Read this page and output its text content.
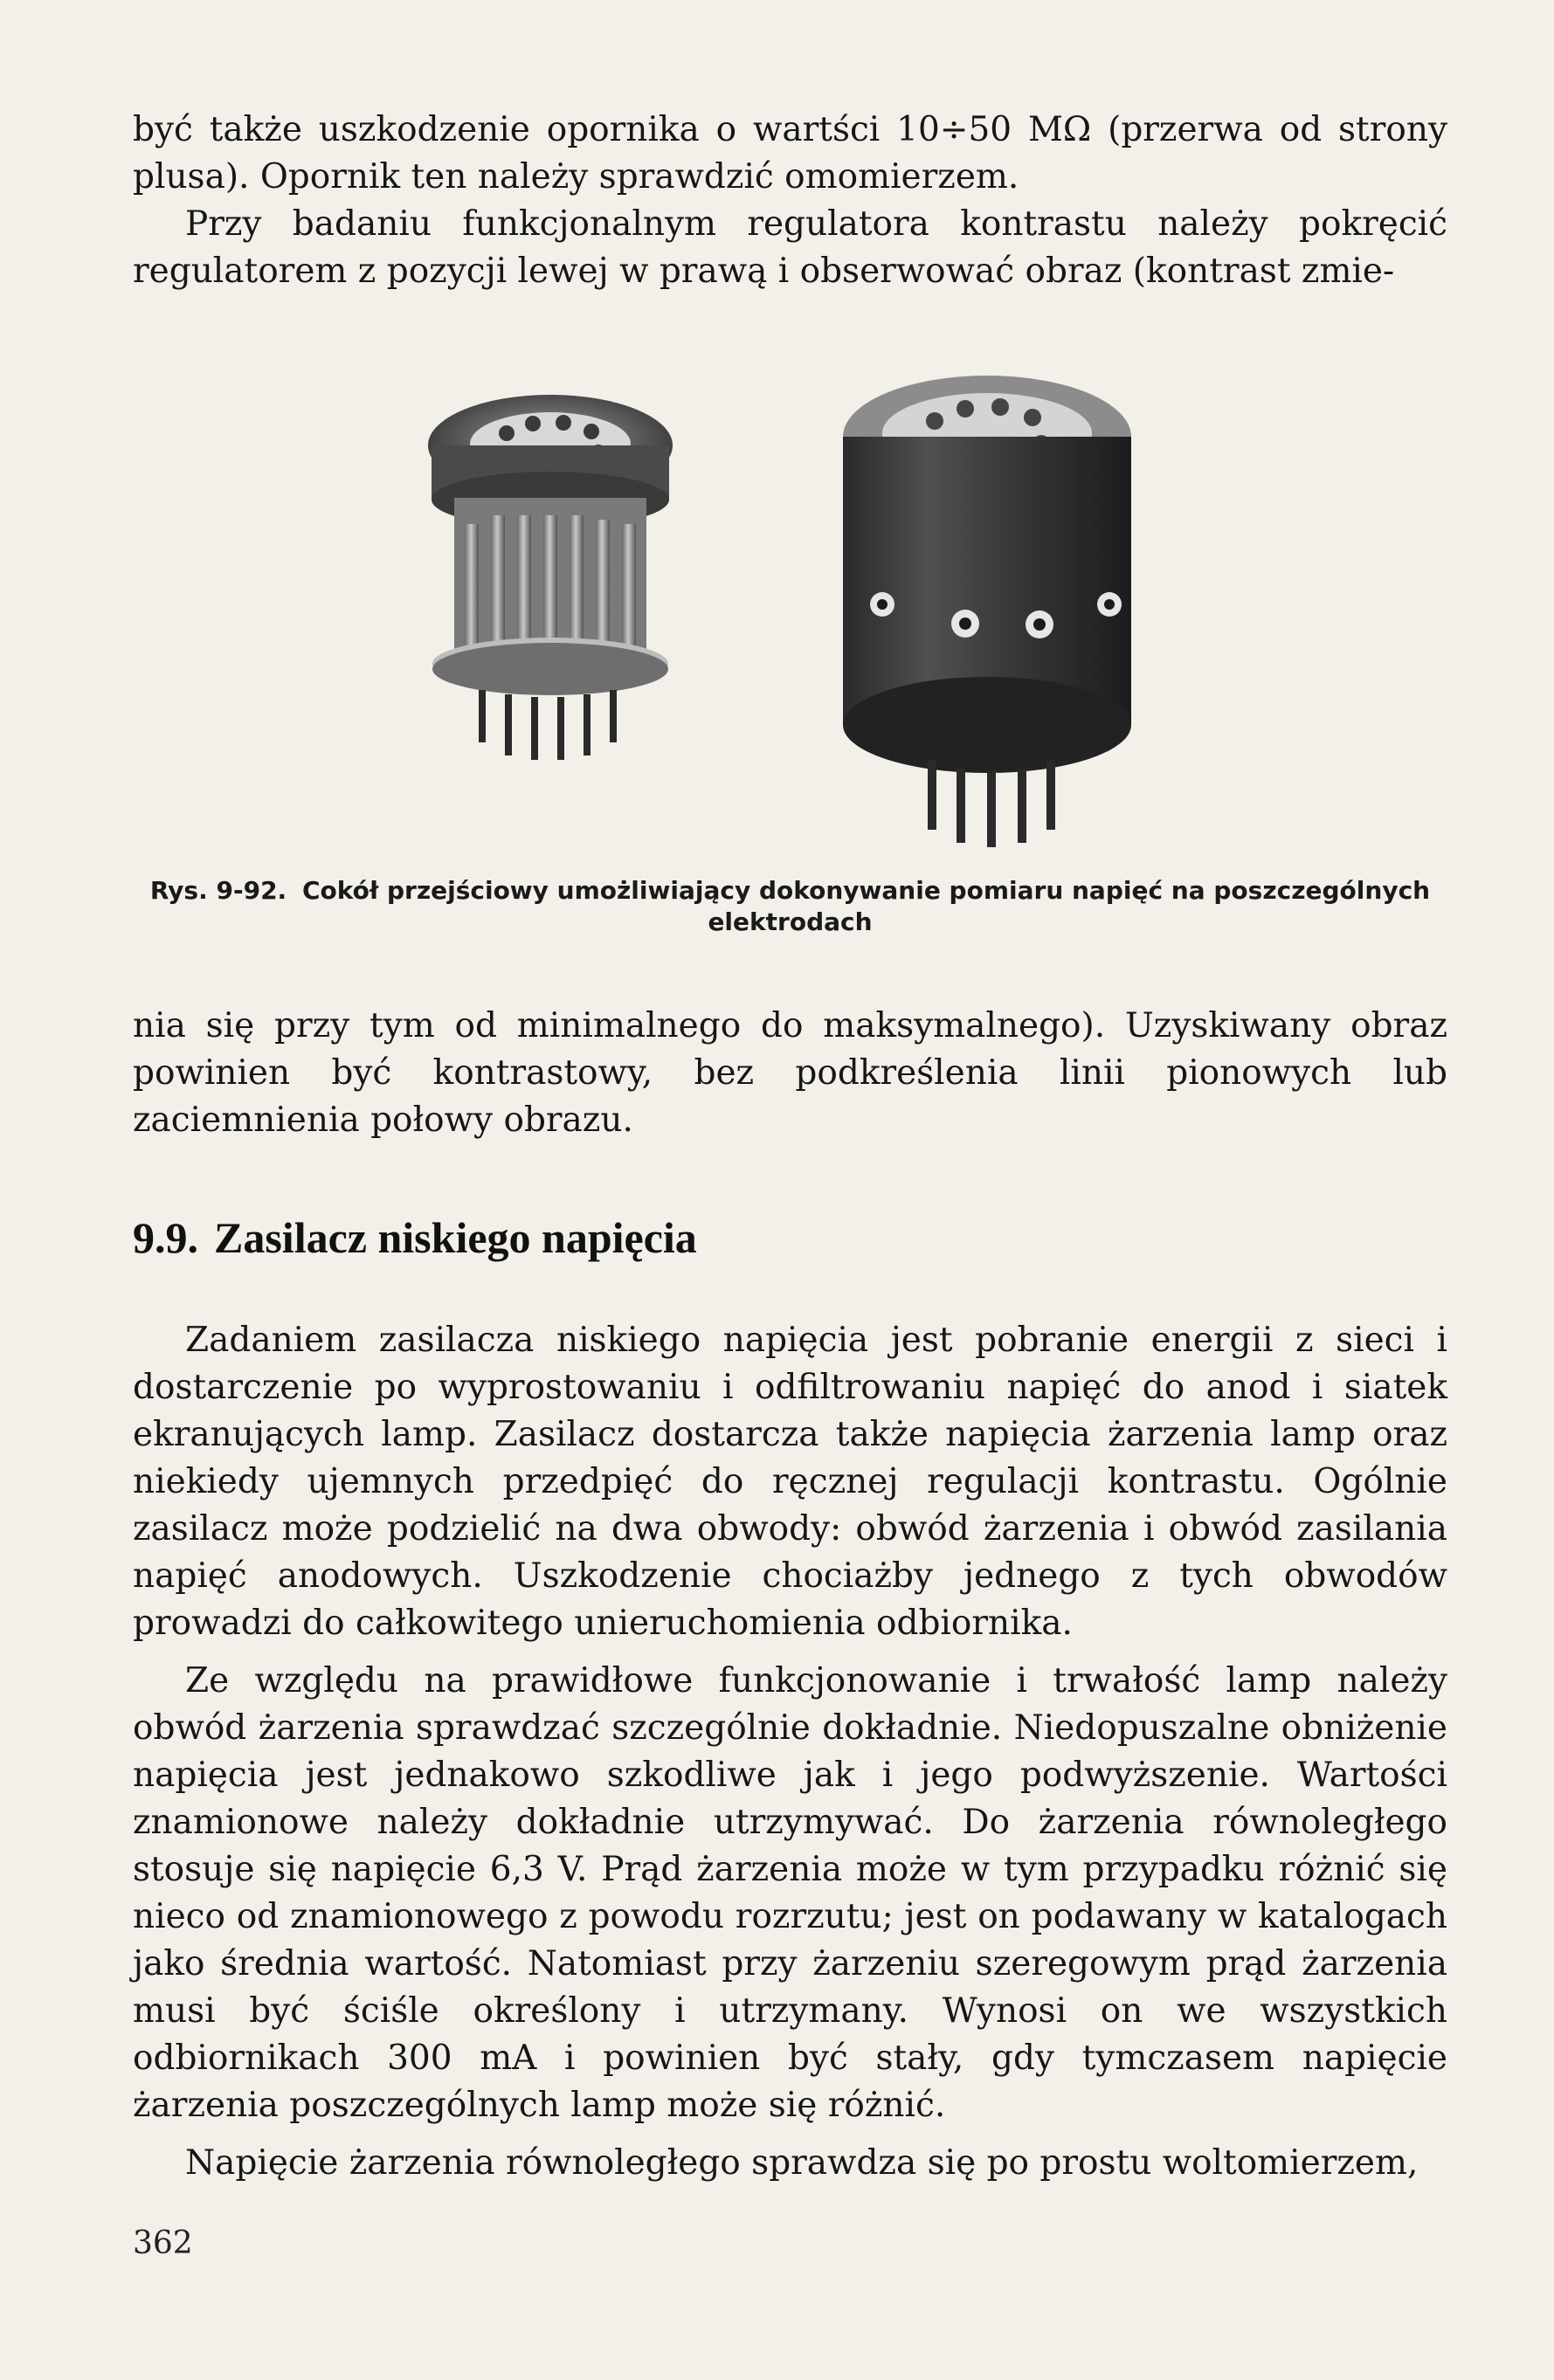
być także uszkodzenie opornika o wartści 10÷50 MΩ (przerwa od strony plusa). Opornik ten należy sprawdzić omomierzem.

Przy badaniu funkcjonalnym regulatora kontrastu należy pokręcić regulatorem z pozycji lewej w prawą i obserwować obraz (kontrast zmie-

Rys. 9-92. Cokół przejściowy umożliwiający dokonywanie pomiaru napięć na poszczególnych elektrodach

nia się przy tym od minimalnego do maksymalnego). Uzyskiwany obraz powinien być kontrastowy, bez podkreślenia linii pionowych lub zaciemnienia połowy obrazu.

9.9. Zasilacz niskiego napięcia

Zadaniem zasilacza niskiego napięcia jest pobranie energii z sieci i dostarczenie po wyprostowaniu i odfiltrowaniu napięć do anod i siatek ekranujących lamp. Zasilacz dostarcza także napięcia żarzenia lamp oraz niekiedy ujemnych przedpięć do ręcznej regulacji kontrastu. Ogólnie zasilacz może podzielić na dwa obwody: obwód żarzenia i obwód zasilania napięć anodowych. Uszkodzenie chociażby jednego z tych obwodów prowadzi do całkowitego unieruchomienia odbiornika.

Ze względu na prawidłowe funkcjonowanie i trwałość lamp należy obwód żarzenia sprawdzać szczególnie dokładnie. Niedopuszalne obniżenie napięcia jest jednakowo szkodliwe jak i jego podwyższenie. Wartości znamionowe należy dokładnie utrzymywać. Do żarzenia równoległego stosuje się napięcie 6,3 V. Prąd żarzenia może w tym przypadku różnić się nieco od znamionowego z powodu rozrzutu; jest on podawany w katalogach jako średnia wartość. Natomiast przy żarzeniu szeregowym prąd żarzenia musi być ściśle określony i utrzymany. Wynosi on we wszystkich odbiornikach 300 mA i powinien być stały, gdy tymczasem napięcie żarzenia poszczególnych lamp może się różnić.

Napięcie żarzenia równoległego sprawdza się po prostu woltomierzem,

362
